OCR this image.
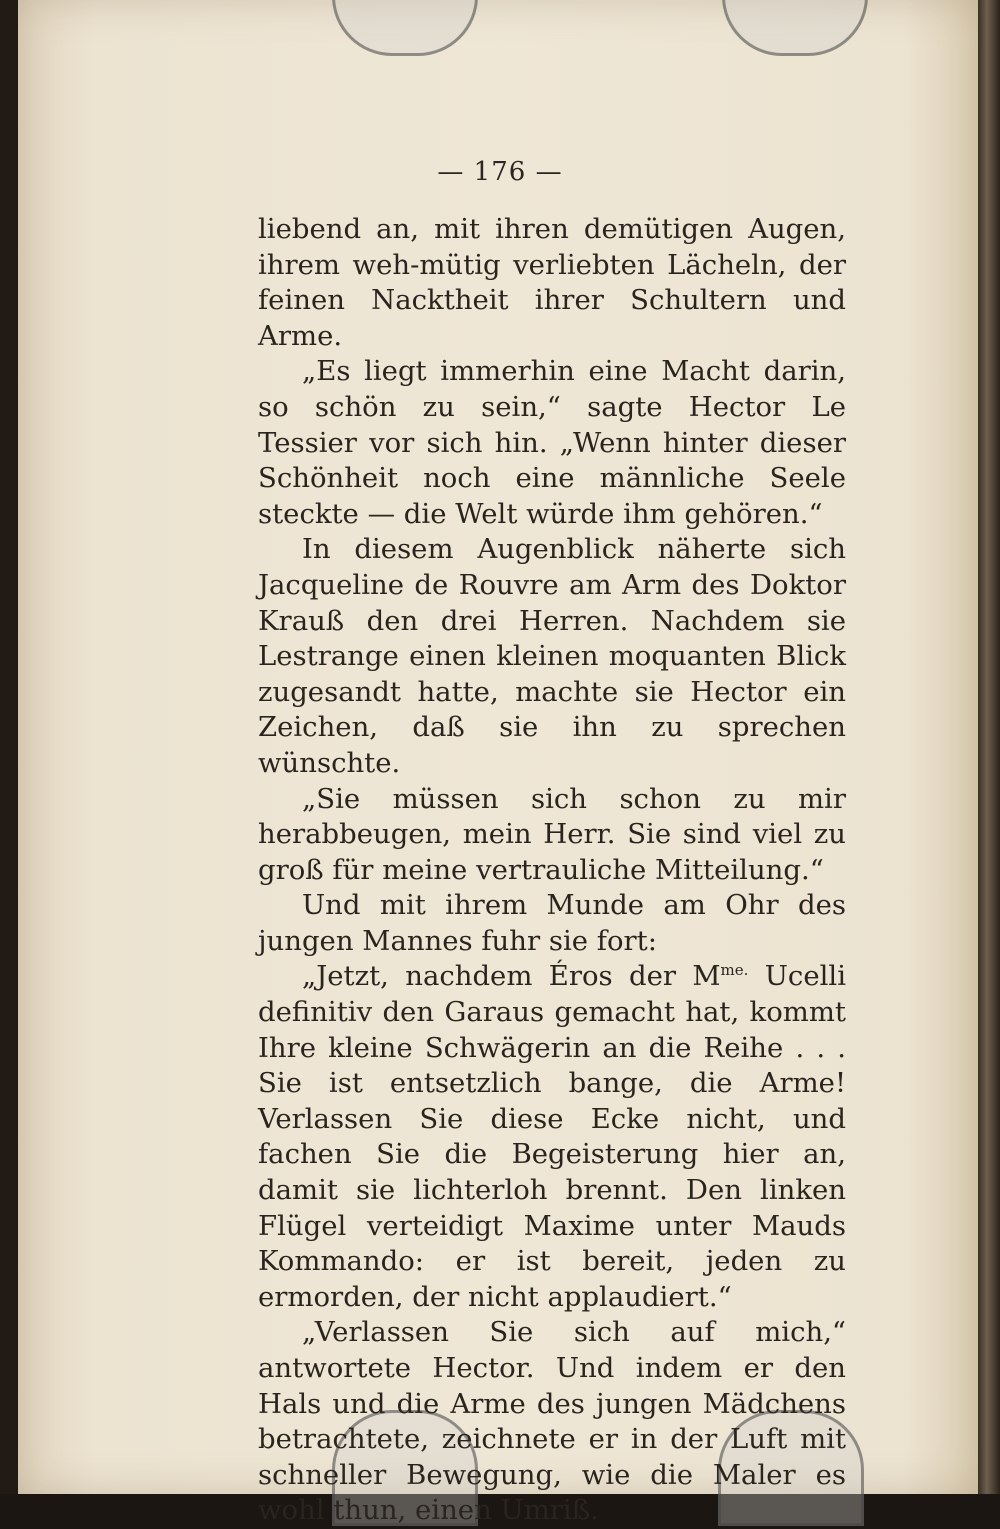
— 176 —

liebend an, mit ihren demütigen Augen, ihrem weh-mütig verliebten Lächeln, der feinen Nacktheit ihrer Schultern und Arme.

„Es liegt immerhin eine Macht darin, so schön zu sein,“ sagte Hector Le Tessier vor sich hin. „Wenn hinter dieser Schönheit noch eine männliche Seele steckte — die Welt würde ihm gehören.“

In diesem Augenblick näherte sich Jacqueline de Rouvre am Arm des Doktor Krauß den drei Herren. Nachdem sie Lestrange einen kleinen moquanten Blick zugesandt hatte, machte sie Hector ein Zeichen, daß sie ihn zu sprechen wünschte.

„Sie müssen sich schon zu mir herabbeugen, mein Herr. Sie sind viel zu groß für meine vertrauliche Mitteilung.“

Und mit ihrem Munde am Ohr des jungen Mannes fuhr sie fort:

„Jetzt, nachdem Éros der $M^{me.}$ Ucelli definitiv den Garaus gemacht hat, kommt Ihre kleine Schwägerin an die Reihe . . . Sie ist entsetzlich bange, die Arme! Verlassen Sie diese Ecke nicht, und fachen Sie die Begeisterung hier an, damit sie lichterloh brennt. Den linken Flügel verteidigt Maxime unter Mauds Kommando: er ist bereit, jeden zu ermorden, der nicht applaudiert.“

„Verlassen Sie sich auf mich,“ antwortete Hector. Und indem er den Hals und die Arme des jungen Mädchens betrachtete, zeichnete er in der Luft mit schneller Bewegung, wie die Maler es wohl thun, einen Umriß.
